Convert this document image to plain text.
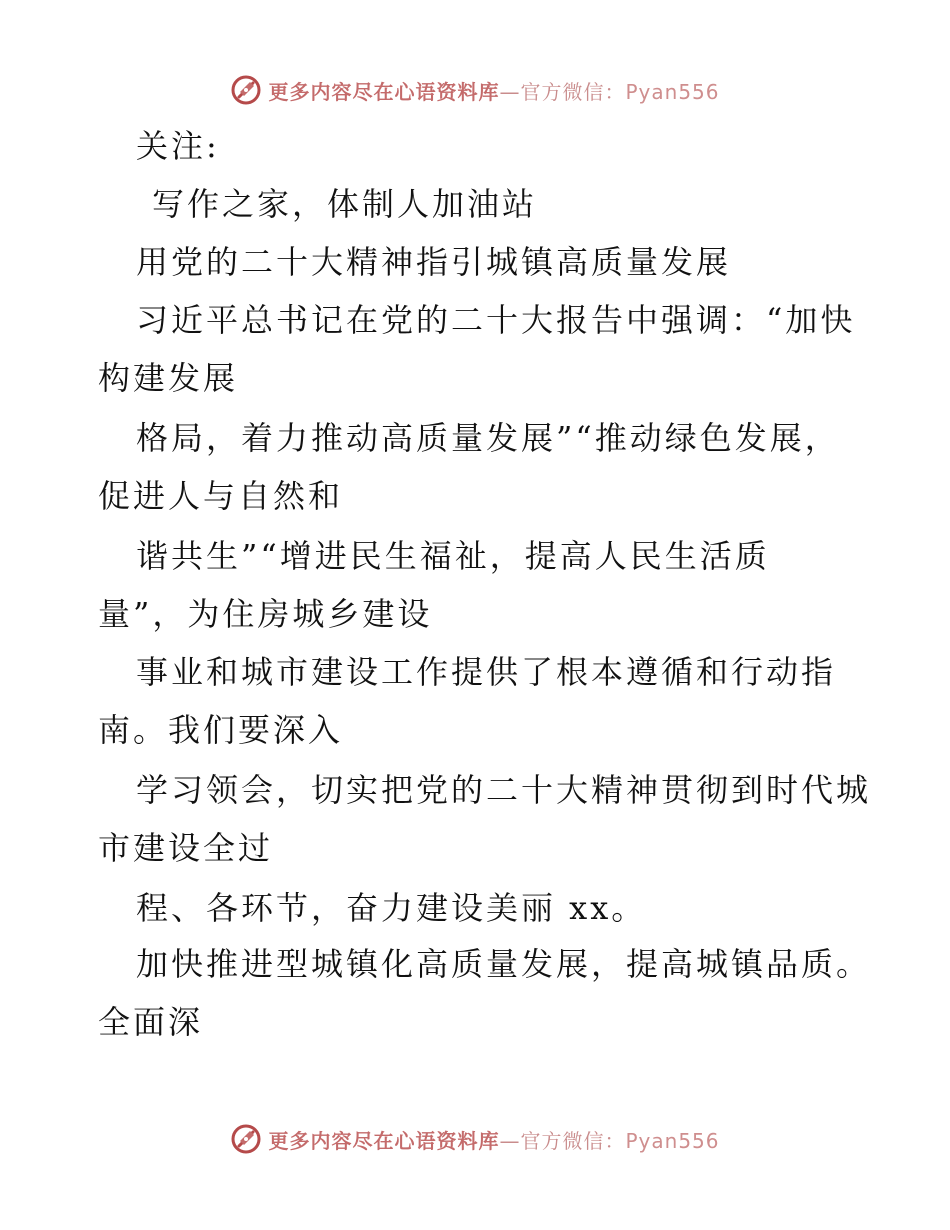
更多内容尽在心语资料库—官方微信：Pyan556
关注:
写作之家，体制人加油站
用党的二十大精神指引城镇高质量发展
习近平总书记在党的二十大报告中强调：“加快
构建发展
格局，着力推动高质量发展”“推动绿色发展，
促进人与自然和
谐共生”“增进民生福祉，提高人民生活质
量”，为住房城乡建设
事业和城市建设工作提供了根本遵循和行动指
南。我们要深入
学习领会，切实把党的二十大精神贯彻到时代城
市建设全过
程、各环节，奋力建设美丽 xx。
加快推进型城镇化高质量发展，提高城镇品质。
全面深
更多内容尽在心语资料库—官方微信：Pyan556
